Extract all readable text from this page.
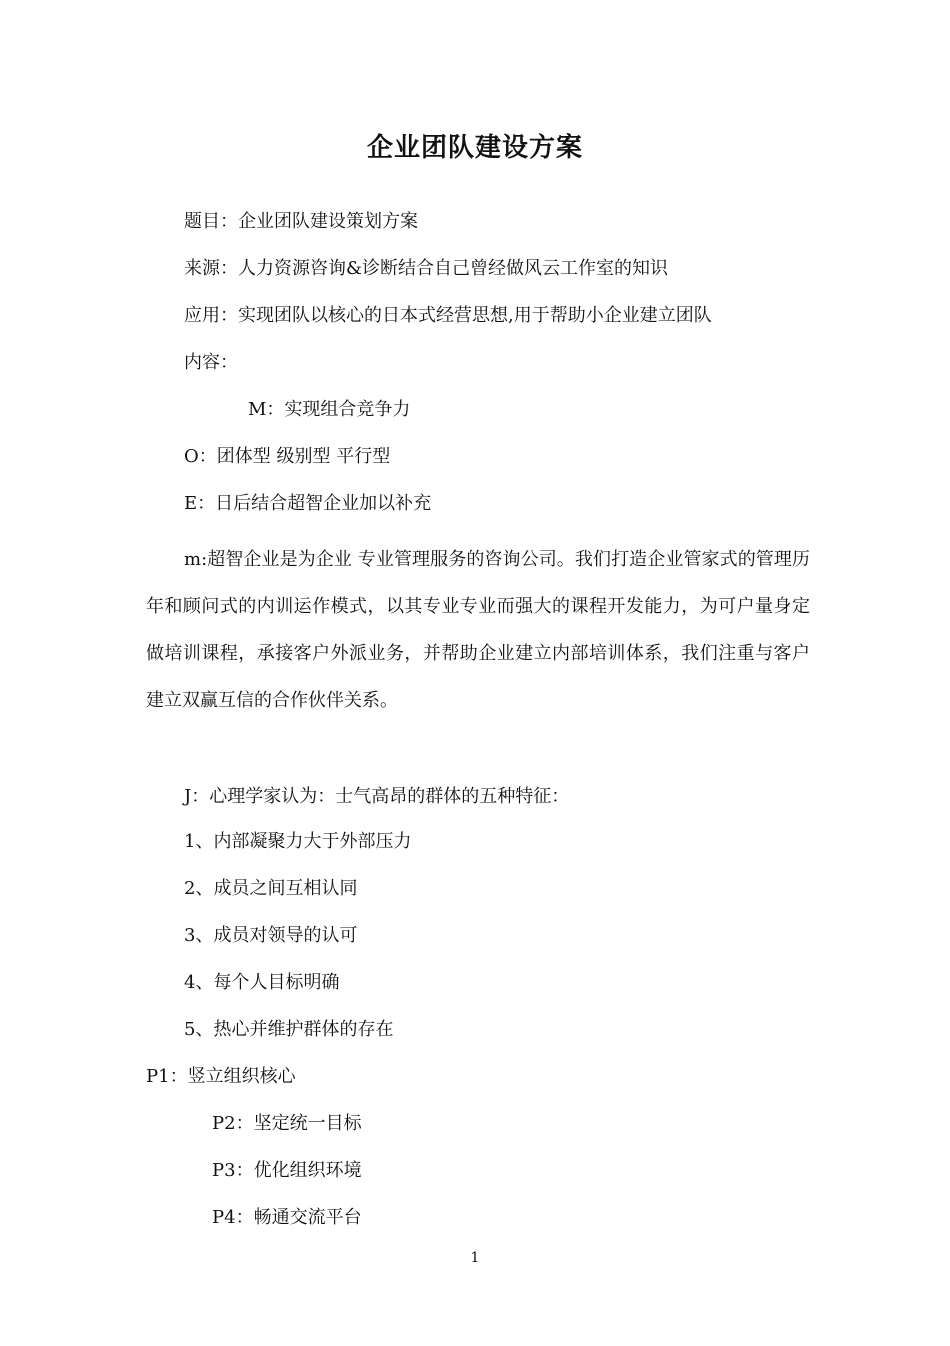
企业团队建设方案
题目：企业团队建设策划方案
来源：人力资源咨询&诊断结合自己曾经做风云工作室的知识
应用：实现团队以核心的日本式经营思想,用于帮助小企业建立团队
内容：
M：实现组合竞争力
O：团体型 级别型 平行型
E：日后结合超智企业加以补充
m:超智企业是为企业 专业管理服务的咨询公司。我们打造企业管家式的管理历年和顾问式的内训运作模式，以其专业专业而强大的课程开发能力，为可户量身定做培训课程，承接客户外派业务，并帮助企业建立内部培训体系，我们注重与客户建立双赢互信的合作伙伴关系。
J：心理学家认为：士气高昂的群体的五种特征：
1、内部凝聚力大于外部压力
2、成员之间互相认同
3、成员对领导的认可
4、每个人目标明确
5、热心并维护群体的存在
P1：竖立组织核心
P2：坚定统一目标
P3：优化组织环境
P4：畅通交流平台
1
